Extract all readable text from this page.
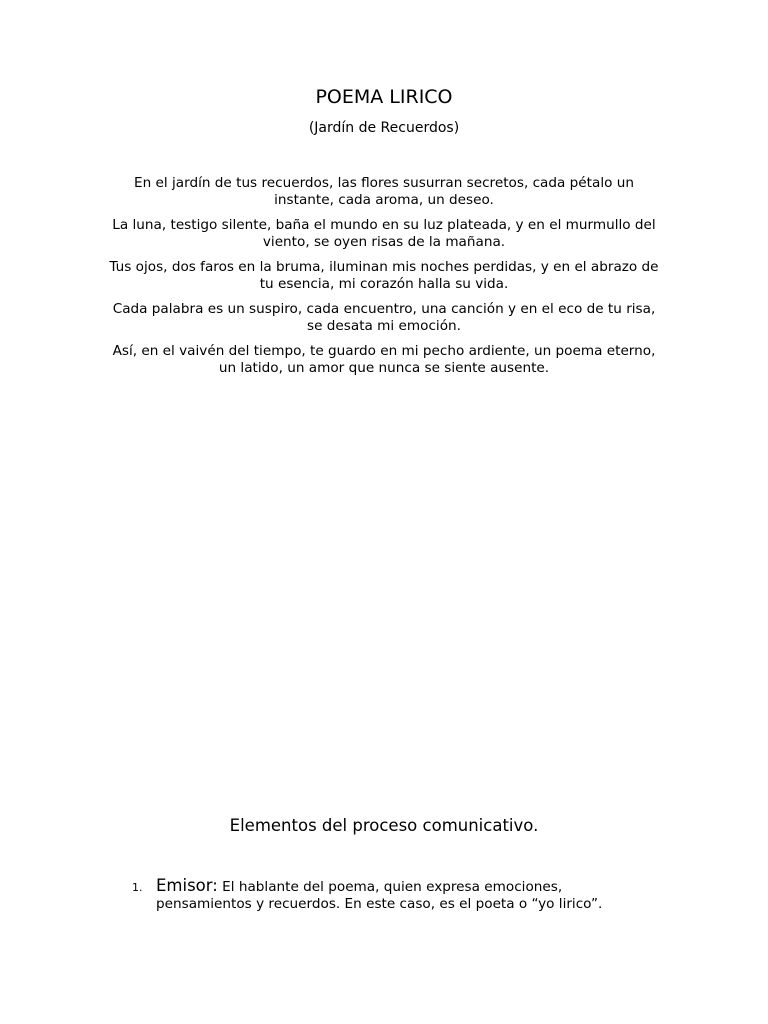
POEMA LIRICO
(Jardín de Recuerdos)

En el jardín de tus recuerdos, las flores susurran secretos, cada pétalo un instante, cada aroma, un deseo.

La luna, testigo silente, baña el mundo en su luz plateada, y en el murmullo del viento, se oyen risas de la mañana.

Tus ojos, dos faros en la bruma, iluminan mis noches perdidas, y en el abrazo de tu esencia, mi corazón halla su vida.

Cada palabra es un suspiro, cada encuentro, una canción y en el eco de tu risa, se desata mi emoción.

Así, en el vaivén del tiempo, te guardo en mi pecho ardiente, un poema eterno, un latido, un amor que nunca se siente ausente.

Elementos del proceso comunicativo.
1. Emisor: El hablante del poema, quien expresa emociones, pensamientos y recuerdos. En este caso, es el poeta o “yo lirico”.
